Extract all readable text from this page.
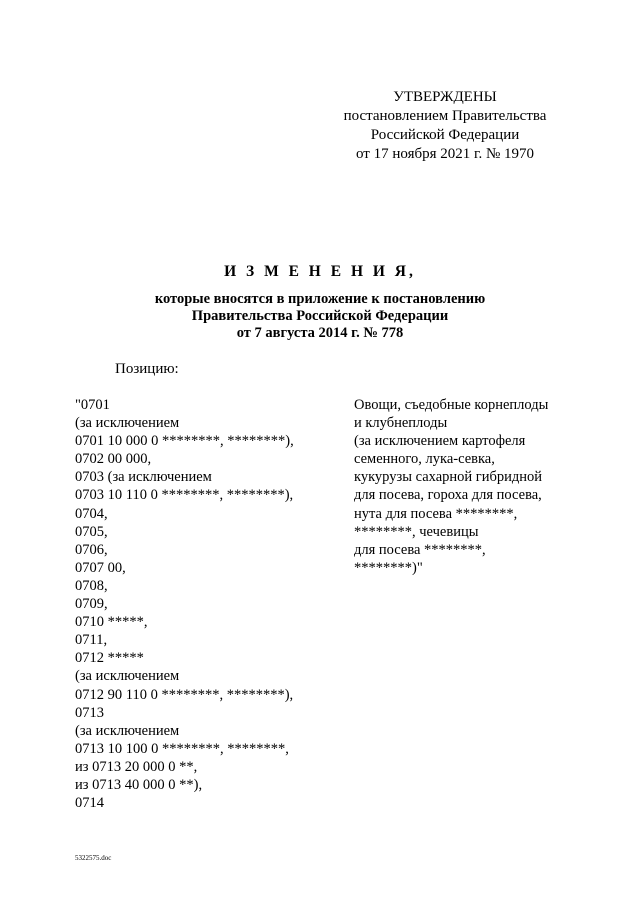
УТВЕРЖДЕНЫ
постановлением Правительства
Российской Федерации
от 17 ноября 2021 г. № 1970
И З М Е Н Е Н И Я,
которые вносятся в приложение к постановлению
Правительства Российской Федерации
от 7 августа 2014 г. № 778
Позицию:
"0701
(за исключением
0701 10 000 0 ********, ********),
0702 00 000,
0703 (за исключением
0703 10 110 0 ********, ********),
0704,
0705,
0706,
0707 00,
0708,
0709,
0710 *****,
0711,
0712 *****
(за исключением
0712 90 110 0 ********, ********),
0713
(за исключением
0713 10 100 0 ********, ********,
из 0713 20 000 0 **,
из 0713 40 000 0 **),
0714
Овощи, съедобные корнеплоды
и клубнеплоды
(за исключением картофеля
семенного, лука-севка,
кукурузы сахарной гибридной
для посева, гороха для посева,
нута для посева ********,
********, чечевицы
для посева ********,
********)"
5322575.doc
